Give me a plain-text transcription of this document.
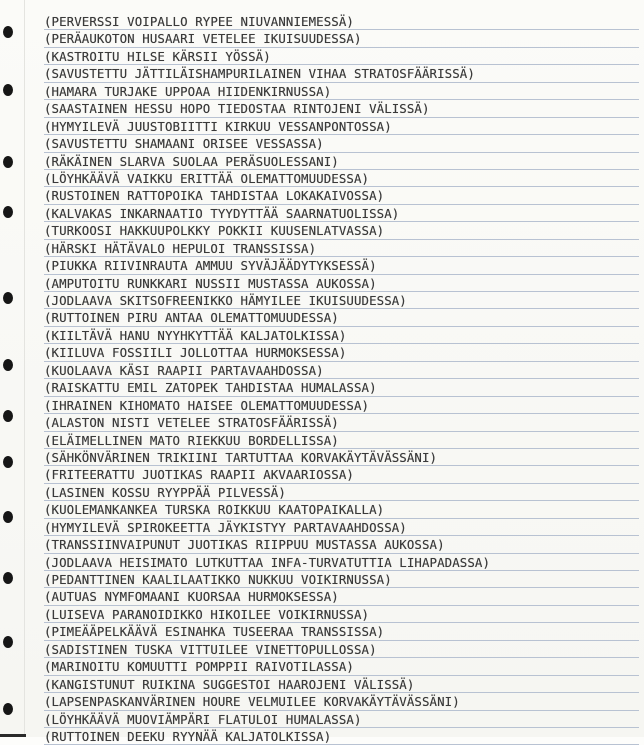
(PERVERSSI VOIPALLO RYPEE NIUVANNIEMESSÄ)
(PERÄAUKOTON HUSAARI VETELEE IKUISUUDESSA)
(KASTROITU HILSE KÄRSII YÖSSÄ)
(SAVUSTETTU JÄTTILÄISHAMPURILAINEN VIHAA STRATOSFÄÄRISSÄ)
(HAMARA TURJAKE UPPOAA HIIDENKIRNUSSA)
(SAASTAINEN HESSU HOPO TIEDOSTAA RINTOJENI VÄLISSÄ)
(HYMYILEVÄ JUUSTOBIITTI KIRKUU VESSANPONTOSSA)
(SAVUSTETTU SHAMAANI ORISEE VESSASSA)
(RÄKÄINEN SLARVA SUOLAA PERÄSUOLESSANI)
(LÖYHKÄÄVÄ VAIKKU ERITTÄÄ OLEMATTOMUUDESSA)
(RUSTOINEN RATTOPOIKA TAHDISTAA LOKAKAIVOSSA)
(KALVAKAS INKARNAATIO TYYDYTTÄÄ SAARNATUOLISSA)
(TURKOOSI HAKKUUPOLKKY POKKII KUUSENLATVASSA)
(HÄRSKI HÄTÄVALO HEPULOI TRANSSISSA)
(PIUKKA RIIVINRAUTA AMMUU SYVÄJÄÄDYTYKSESSÄ)
(AMPUTOITU RUNKKARI NUSSII MUSTASSA AUKOSSA)
(JODLAAVA SKITSOFREENIKKO HÄMYILEE IKUISUUDESSA)
(RUTTOINEN PIRU ANTAA OLEMATTOMUUDESSA)
(KIILTÄVÄ HANU NYYHKYTTÄÄ KALJATOLKISSA)
(KIILUVA FOSSIILI JOLLOTTAA HURMOKSESSA)
(KUOLAAVA KÄSI RAAPII PARTAVAAHDOSSA)
(RAISKATTU EMIL ZATOPEK TAHDISTAA HUMALASSA)
(IHRAINEN KIHOMATO HAISEE OLEMATTOMUUDESSA)
(ALASTON NISTI VETELEE STRATOSFÄÄRISSÄ)
(ELÄIMELLINEN MATO RIEKKUU BORDELLISSA)
(SÄHKÖNVÄRINEN TRIKIINI TARTUTTAA KORVAKÄYTÄVÄSSÄNI)
(FRITEERATTU JUOTIKAS RAAPII AKVAARIOSSA)
(LASINEN KOSSU RYYPPÄÄ PILVESSÄ)
(KUOLEMANKANKEA TURSKA ROIKKUU KAATOPAIKALLA)
(HYMYILEVÄ SPIROKEETTA JÄYKISTYY PARTAVAAHDOSSA)
(TRANSSIINVAIPUNUT JUOTIKAS RIIPPUU MUSTASSA AUKOSSA)
(JODLAAVA HEISIMATO LUTKUTTAA INFA-TURVATUTTIA LIHAPADASSA)
(PEDANTTINEN KAALILAATIKKO NUKKUU VOIKIRNUSSA)
(AUTUAS NYMFOMAANI KUORSAA HURMOKSESSA)
(LUISEVA PARANOIDIKKO HIKOILEE VOIKIRNUSSA)
(PIMEÄÄPELKÄÄVÄ ESINAHKA TUSEERAA TRANSSISSA)
(SADISTINEN TUSKA VITTUILEE VINETTOPULLOSSA)
(MARINOITU KOMUUTTI POMPPII RAIVOTILASSA)
(KANGISTUNUT RUIKINA SUGGESTOI HAAROJENI VÄLISSÄ)
(LAPSENPASKANVÄRINEN HOURE VELMUILEE KORVAKÄYTÄVÄSSÄNI)
(LÖYHKÄÄVÄ MUOVIÄMPÄRI FLATULOI HUMALASSA)
(RUTTOINEN DEEKU RYYNÄÄ KALJATOLKISSA)
